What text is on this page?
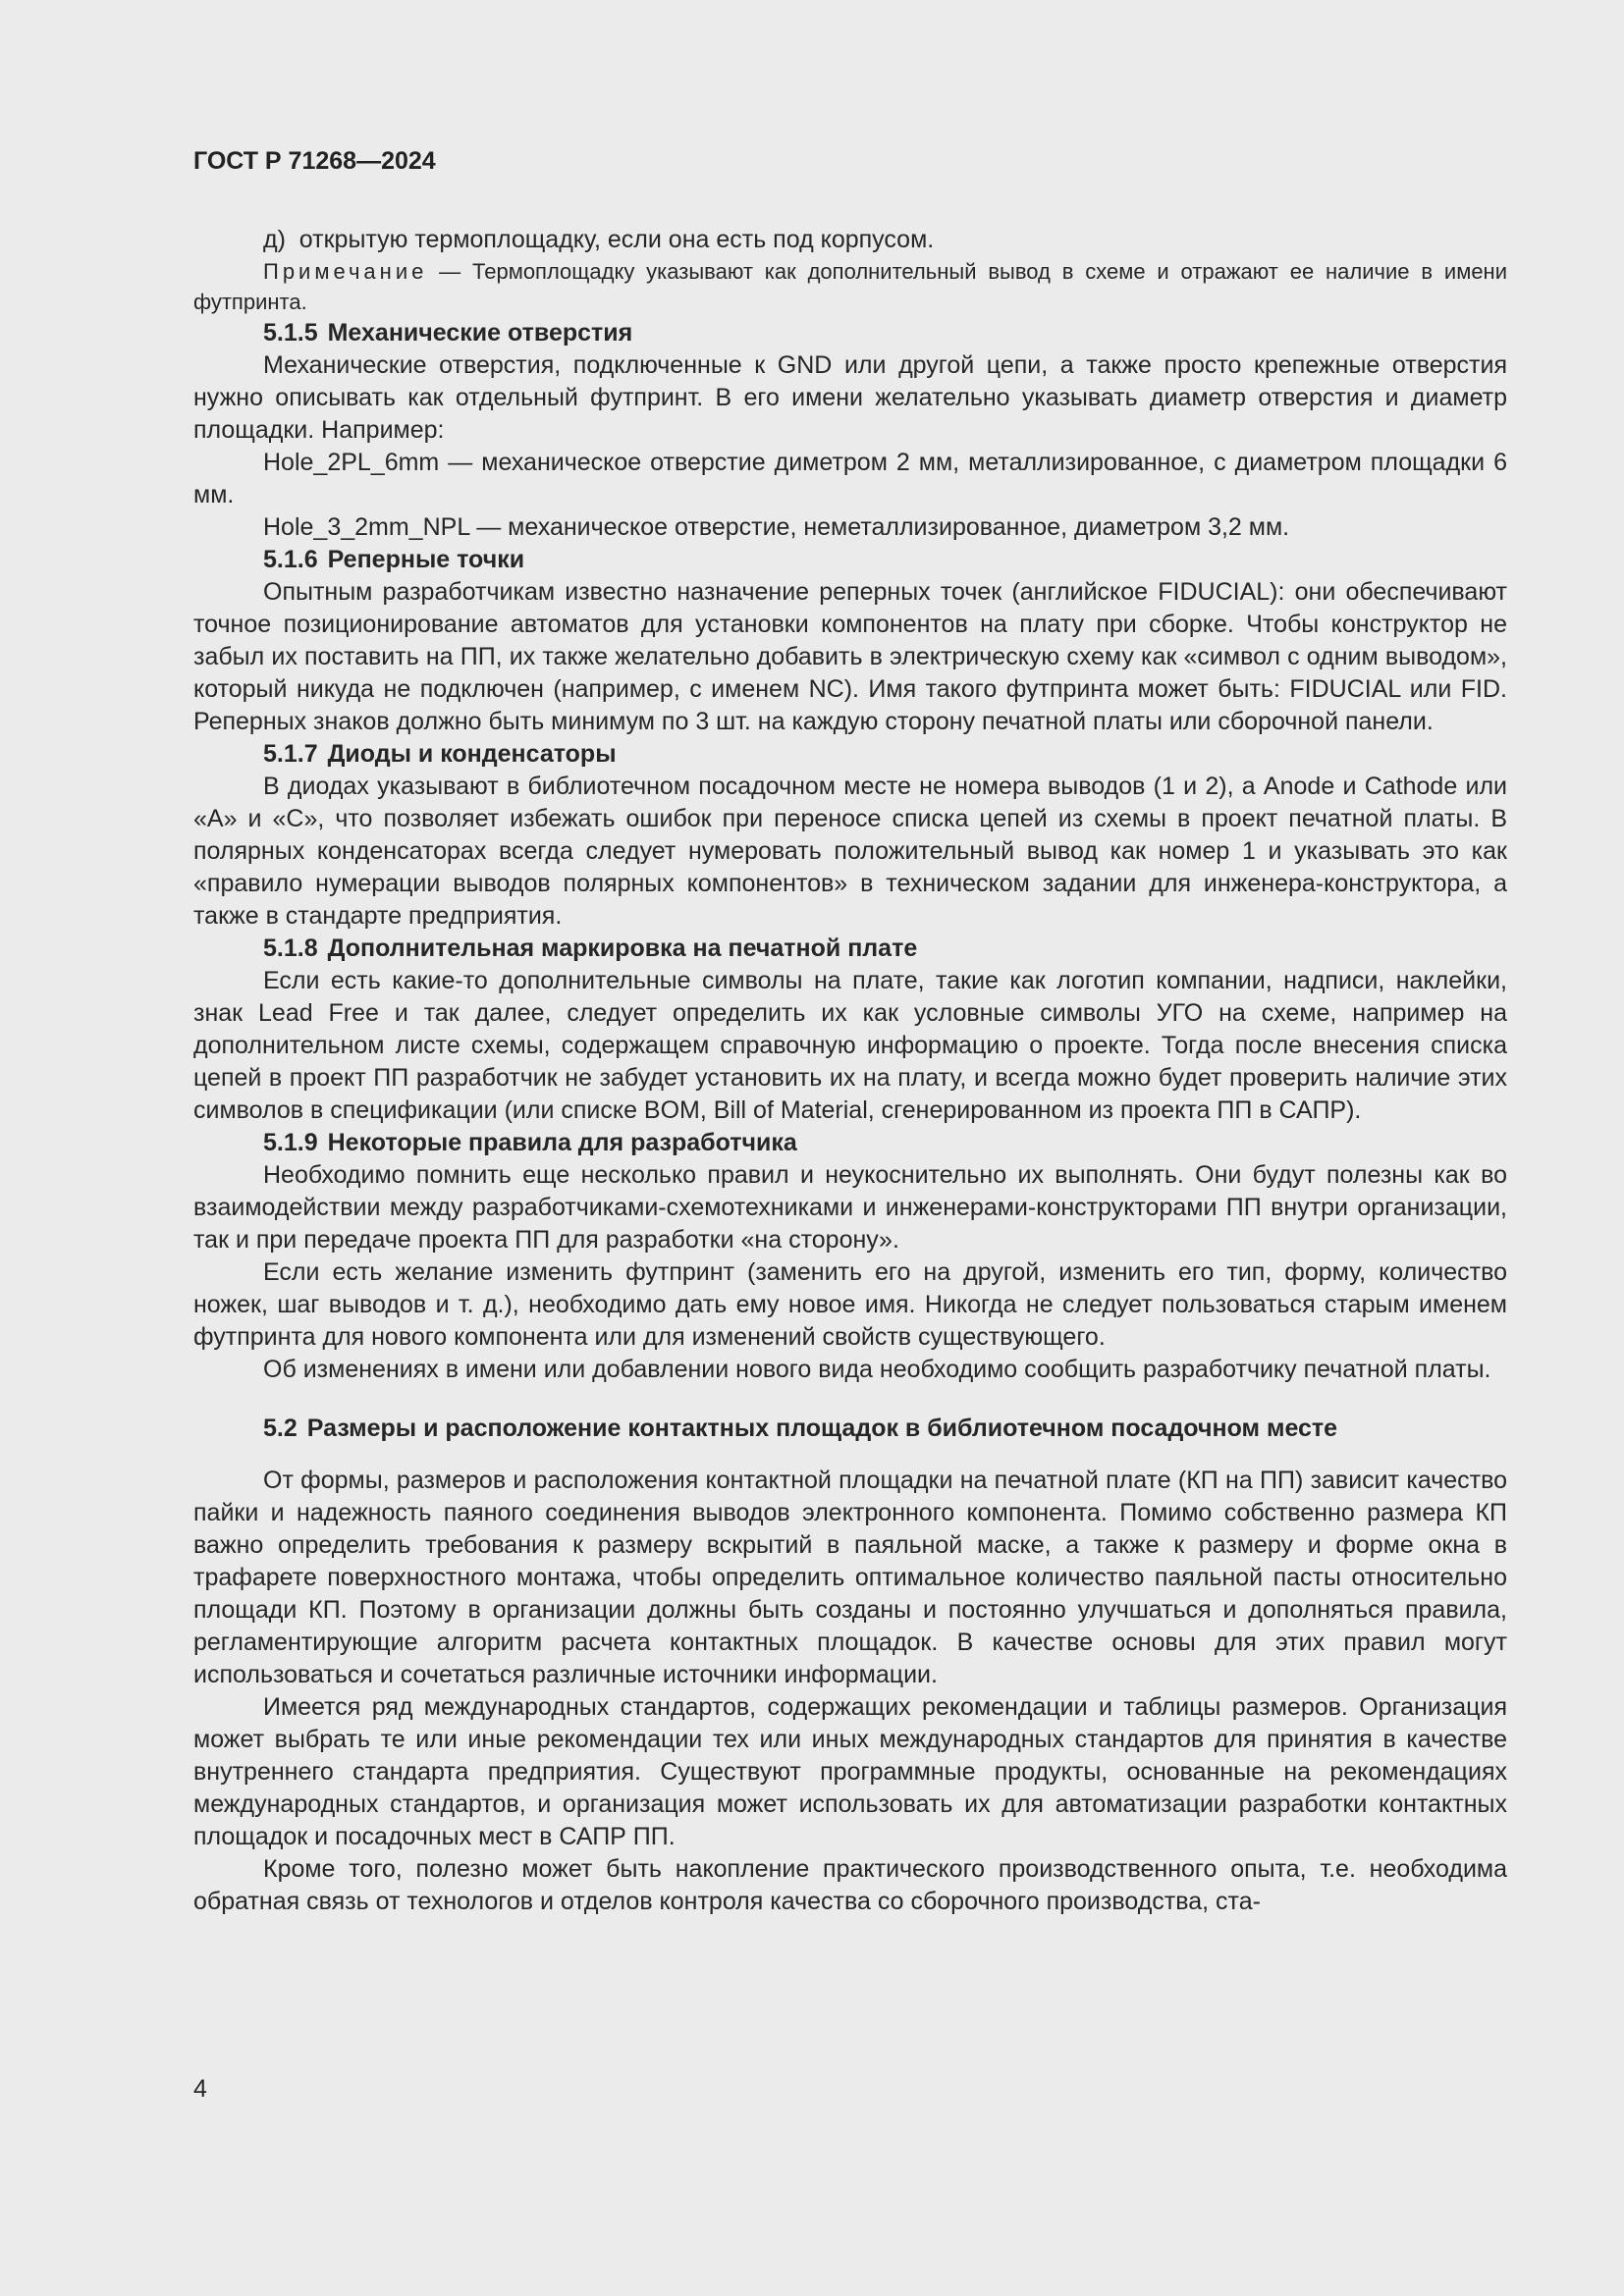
ГОСТ Р 71268—2024

д)  открытую термоплощадку, если она есть под корпусом.

Примечание — Термоплощадку указывают как дополнительный вывод в схеме и отражают ее наличие в имени футпринта.

5.1.5 Механические отверстия

Механические отверстия, подключенные к GND или другой цепи, а также просто крепежные отверстия нужно описывать как отдельный футпринт. В его имени желательно указывать диаметр отверстия и диаметр площадки. Например:

Hole_2PL_6mm — механическое отверстие диметром 2 мм, металлизированное, с диаметром площадки 6 мм.

Hole_3_2mm_NPL — механическое отверстие, неметаллизированное, диаметром 3,2 мм.

5.1.6 Реперные точки

Опытным разработчикам известно назначение реперных точек (английское FIDUCIAL): они обеспечивают точное позиционирование автоматов для установки компонентов на плату при сборке. Чтобы конструктор не забыл их поставить на ПП, их также желательно добавить в электрическую схему как «символ с одним выводом», который никуда не подключен (например, с именем NC). Имя такого футпринта может быть: FIDUCIAL или FID. Реперных знаков должно быть минимум по 3 шт. на каждую сторону печатной платы или сборочной панели.

5.1.7 Диоды и конденсаторы

В диодах указывают в библиотечном посадочном месте не номера выводов (1 и 2), а Anode и Cathode или «А» и «С», что позволяет избежать ошибок при переносе списка цепей из схемы в проект печатной платы. В полярных конденсаторах всегда следует нумеровать положительный вывод как номер 1 и указывать это как «правило нумерации выводов полярных компонентов» в техническом задании для инженера-конструктора, а также в стандарте предприятия.

5.1.8 Дополнительная маркировка на печатной плате

Если есть какие-то дополнительные символы на плате, такие как логотип компании, надписи, наклейки, знак Lead Free и так далее, следует определить их как условные символы УГО на схеме, например на дополнительном листе схемы, содержащем справочную информацию о проекте. Тогда после внесения списка цепей в проект ПП разработчик не забудет установить их на плату, и всегда можно будет проверить наличие этих символов в спецификации (или списке BOM, Bill of Material, сгенерированном из проекта ПП в САПР).

5.1.9 Некоторые правила для разработчика

Необходимо помнить еще несколько правил и неукоснительно их выполнять. Они будут полезны как во взаимодействии между разработчиками-схемотехниками и инженерами-конструкторами ПП внутри организации, так и при передаче проекта ПП для разработки «на сторону».

Если есть желание изменить футпринт (заменить его на другой, изменить его тип, форму, количество ножек, шаг выводов и т. д.), необходимо дать ему новое имя. Никогда не следует пользоваться старым именем футпринта для нового компонента или для изменений свойств существующего.

Об изменениях в имени или добавлении нового вида необходимо сообщить разработчику печатной платы.

5.2 Размеры и расположение контактных площадок в библиотечном посадочном месте

От формы, размеров и расположения контактной площадки на печатной плате (КП на ПП) зависит качество пайки и надежность паяного соединения выводов электронного компонента. Помимо собственно размера КП важно определить требования к размеру вскрытий в паяльной маске, а также к размеру и форме окна в трафарете поверхностного монтажа, чтобы определить оптимальное количество паяльной пасты относительно площади КП. Поэтому в организации должны быть созданы и постоянно улучшаться и дополняться правила, регламентирующие алгоритм расчета контактных площадок. В качестве основы для этих правил могут использоваться и сочетаться различные источники информации.

Имеется ряд международных стандартов, содержащих рекомендации и таблицы размеров. Организация может выбрать те или иные рекомендации тех или иных международных стандартов для принятия в качестве внутреннего стандарта предприятия. Существуют программные продукты, основанные на рекомендациях международных стандартов, и организация может использовать их для автоматизации разработки контактных площадок и посадочных мест в САПР ПП.

Кроме того, полезно может быть накопление практического производственного опыта, т.е. необходима обратная связь от технологов и отделов контроля качества со сборочного производства, ста-

4
